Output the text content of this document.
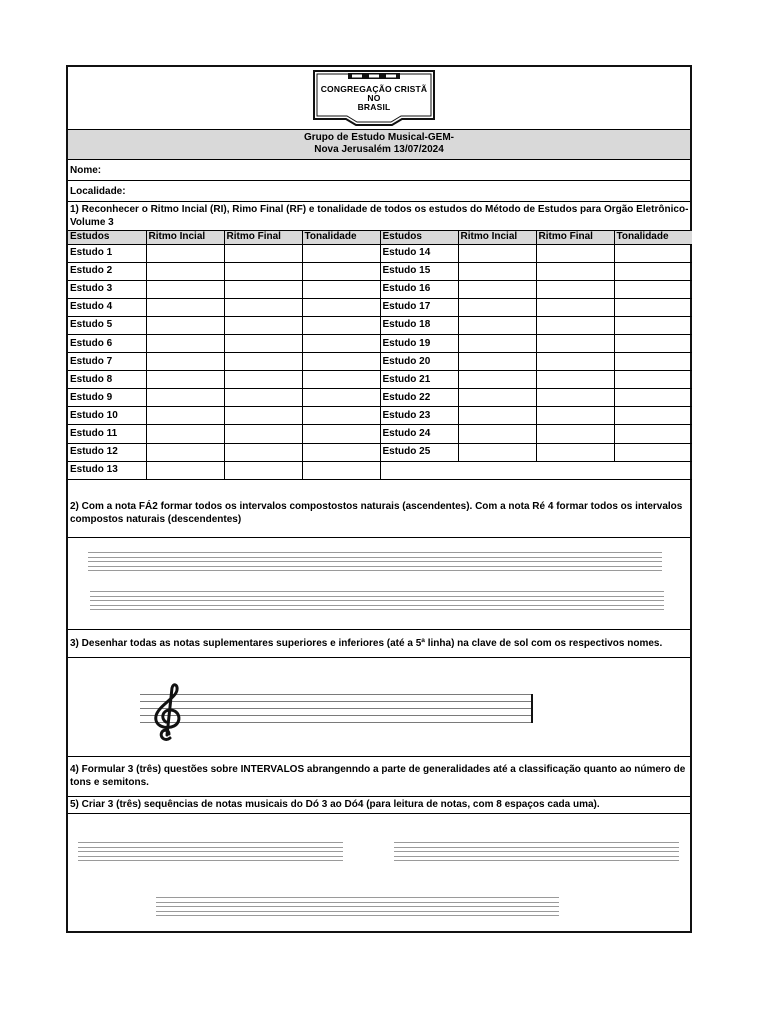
CONGREGAÇÃO CRISTÃ
NO
BRASIL
Grupo de Estudo Musical-GEM-
Nova Jerusalém 13/07/2024
Nome:
Localidade:
1) Reconhecer o Ritmo Incial (RI), Rimo Final (RF) e tonalidade de todos os estudos do Método de Estudos para Orgão Eletrônico-Volume 3
Estudos	Ritmo Incial	Ritmo Final	Tonalidade	Estudos	Ritmo Incial	Ritmo Final	Tonalidade
Estudo 1				Estudo 14			
Estudo 2				Estudo 15			
Estudo 3				Estudo 16			
Estudo 4				Estudo 17			
Estudo 5				Estudo 18			
Estudo 6				Estudo 19			
Estudo 7				Estudo 20			
Estudo 8				Estudo 21			
Estudo 9				Estudo 22			
Estudo 10				Estudo 23			
Estudo 11				Estudo 24			
Estudo 12				Estudo 25			
Estudo 13							
2) Com a nota FÁ2 formar todos os intervalos compostostos naturais (ascendentes). Com a nota Ré 4 formar todos os intervalos compostos naturais (descendentes)
3) Desenhar todas as notas suplementares superiores e inferiores (até a 5ª linha) na clave de sol com os respectivos nomes.
4) Formular 3 (três) questões sobre INTERVALOS abrangenndo a parte de generalidades até a classificação quanto ao número de tons e semitons.
5) Criar 3 (três) sequências de notas musicais do Dó 3 ao Dó4 (para leitura de notas, com 8 espaços cada uma).
